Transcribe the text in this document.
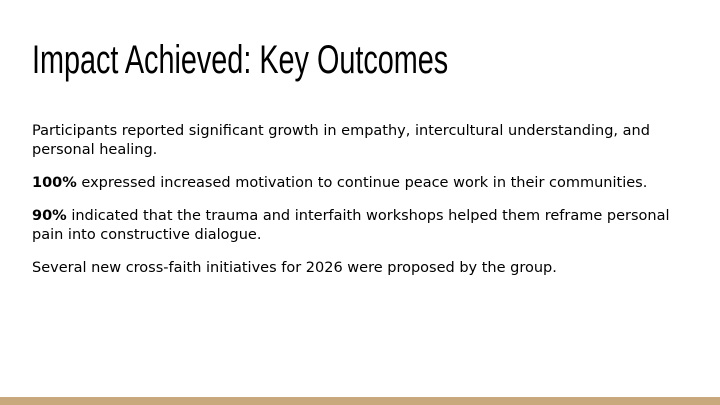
Impact Achieved: Key Outcomes

Participants reported significant growth in empathy, intercultural understanding, and personal healing.

100% expressed increased motivation to continue peace work in their communities.

90% indicated that the trauma and interfaith workshops helped them reframe personal pain into constructive dialogue.

Several new cross-faith initiatives for 2026 were proposed by the group.
